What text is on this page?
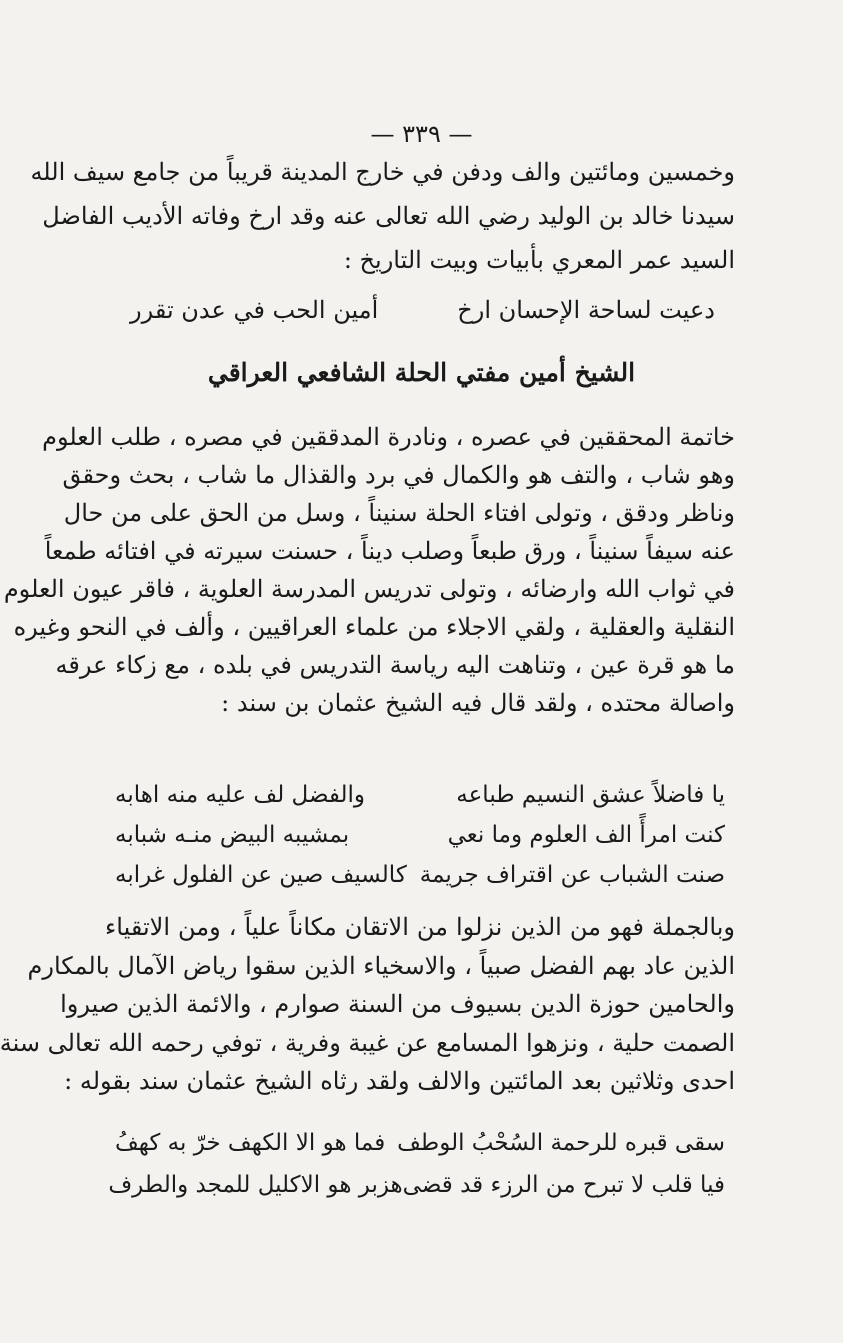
— ٣٣٩ —
وخمسين ومائتين والف ودفن في خارج المدينة قريباً من جامع سيف الله
سيدنا خالد بن الوليد رضي الله تعالى عنه وقد ارخ وفاته الأديب الفاضل
السيد عمر المعري بأبيات وبيت التاريخ :
دعيت لساحة الإحسان ارخ
أمين الحب في عدن تقرر
الشيخ أمين مفتي الحلة الشافعي العراقي
خاتمة المحققين في عصره ، ونادرة المدققين في مصره ، طلب العلوم
وهو شاب ، والتف هو والكمال في برد والقذال ما شاب ، بحث وحقق
وناظر ودقق ، وتولى افتاء الحلة سنيناً ، وسل من الحق على من حال
عنه سيفاً سنيناً ، ورق طبعاً وصلب ديناً ، حسنت سيرته في افتائه طمعاً
في ثواب الله وارضائه ، وتولى تدريس المدرسة العلوية ، فاقر عيون العلوم
النقلية والعقلية ، ولقي الاجلاء من علماء العراقيين ، وألف في النحو وغيره
ما هو قرة عين ، وتناهت اليه رياسة التدريس في بلده ، مع زكاء عرقه
واصالة محتده ، ولقد قال فيه الشيخ عثمان بن سند :
يا فاضلاً عشق النسيم طباعه
والفضل لف عليه منه اهابه
كنت امرأً الف العلوم وما نعي
بمشيبه البيض منـه شبابه
صنت الشباب عن اقتراف جريمة
كالسيف صين عن الفلول غرابه
وبالجملة فهو من الذين نزلوا من الاتقان مكاناً علياً ، ومن الاتقياء
الذين عاد بهم الفضل صبياً ، والاسخياء الذين سقوا رياض الآمال بالمكارم
والحامين حوزة الدين بسيوف من السنة صوارم ، والائمة الذين صيروا
الصمت حلية ، ونزهوا المسامع عن غيبة وفرية ، توفي رحمه الله تعالى سنة
احدى وثلاثين بعد المائتين والالف ولقد رثاه الشيخ عثمان سند بقوله :
سقى قبره للرحمة السُحْبُ الوطف
فما هو الا الكهف خرّ به كهفُ
فيا قلب لا تبرح من الرزء قد قضى
هزبر هو الاكليل للمجد والطرف
